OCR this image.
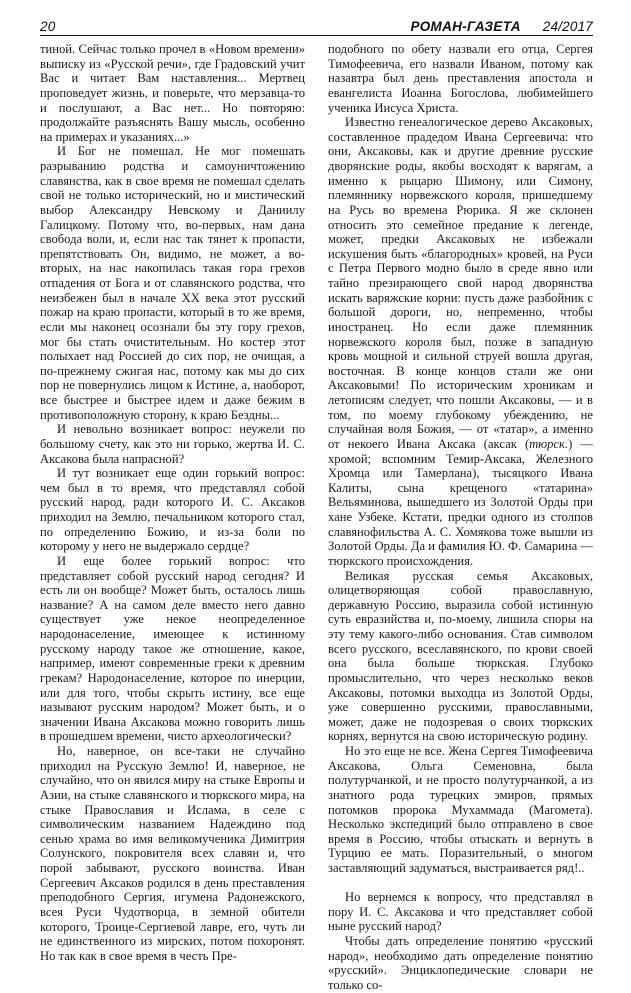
20	РОМАН-ГАЗЕТА 24/2017

тиной. Сейчас только прочел в «Новом времени» выписку из «Русской речи», где Градовский учит Вас и читает Вам наставления... Мертвец проповедует жизнь, и поверьте, что мерзавца-то и послушают, а Вас нет... Но повторяю: продолжайте разъяснять Вашу мысль, особенно на примерах и указаниях...»

И Бог не помешал. Не мог помешать разрыванию родства и самоуничтожению славянства, как в свое время не помешал сделать свой не только исторический, но и мистический выбор Александру Невскому и Даниилу Галицкому. Потому что, во-первых, нам дана свобода воли, и, если нас так тянет к пропасти, препятствовать Он, видимо, не может, а во-вторых, на нас накопилась такая гора грехов отпадения от Бога и от славянского родства, что неизбежен был в начале XX века этот русский пожар на краю пропасти, который в то же время, если мы наконец осознали бы эту гору грехов, мог бы стать очистительным. Но костер этот полыхает над Россией до сих пор, не очищая, а по-прежнему сжигая нас, потому как мы до сих пор не повернулись лицом к Истине, а, наоборот, все быстрее и быстрее идем и даже бежим в противоположную сторону, к краю Бездны...

И невольно возникает вопрос: неужели по большому счету, как это ни горько, жертва И. С. Аксакова была напрасной?

И тут возникает еще один горький вопрос: чем был в то время, что представлял собой русский народ, ради которого И. С. Аксаков приходил на Землю, печальником которого стал, по определению Божию, и из-за боли по которому у него не выдержало сердце?

И еще более горький вопрос: что представляет собой русский народ сегодня? И есть ли он вообще? Может быть, осталось лишь название? А на самом деле вместо него давно существует уже некое неопределенное народонаселение, имеющее к истинному русскому народу такое же отношение, какое, например, имеют современные греки к древним грекам? Народонаселение, которое по инерции, или для того, чтобы скрыть истину, все еще называют русским народом? Может быть, и о значении Ивана Аксакова можно говорить лишь в прошедшем времени, чисто археологически?

Но, наверное, он все-таки не случайно приходил на Русскую Землю! И, наверное, не случайно, что он явился миру на стыке Европы и Азии, на стыке славянского и тюркского мира, на стыке Православия и Ислама, в селе с символическим названием Надеждино под сенью храма во имя великомученика Димитрия Солунского, покровителя всех славян и, что порой забывают, русского воинства. Иван Сергеевич Аксаков родился в день преставления преподобного Сергия, игумена Радонежского, всея Руси Чудотворца, в земной обители которого, Троице-Сергиевой лавре, его, чуть ли не единственного из мирских, потом похоронят. Но так как в свое время в честь Пре-

подобного по обету назвали его отца, Сергея Тимофеевича, его назвали Иваном, потому как назавтра был день преставления апостола и евангелиста Иоанна Богослова, любимейшего ученика Иисуса Христа.

Известно генеалогическое дерево Аксаковых, составленное прадедом Ивана Сергеевича: что они, Аксаковы, как и другие древние русские дворянские роды, якобы восходят к варягам, а именно к рыцарю Шимону, или Симону, племяннику норвежского короля, пришедшему на Русь во времена Рюрика. Я же склонен относить это семейное предание к легенде, может, предки Аксаковых не избежали искушения быть «благородных» кровей, на Руси с Петра Первого модно было в среде явно или тайно презирающего свой народ дворянства искать варяжские корни: пусть даже разбойник с большой дороги, но, непременно, чтобы иностранец. Но если даже племянник норвежского короля был, позже в западную кровь мощной и сильной струей вошла другая, восточная. В конце концов стали же они Аксаковыми! По историческим хроникам и летописям следует, что пошли Аксаковы, — и в том, по моему глубокому убеждению, не случайная воля Божия, — от «татар», а именно от некоего Ивана Аксака (аксак (тюрск.) — хромой; вспомним Темир-Аксака, Железного Хромца или Тамерлана), тысяцкого Ивана Калиты, сына крещеного «татарина» Вельяминова, вышедшего из Золотой Орды при хане Узбеке. Кстати, предки одного из столпов славянофильства А. С. Хомякова тоже вышли из Золотой Орды. Да и фамилия Ю. Ф. Самарина — тюркского происхождения.

Великая русская семья Аксаковых, олицетворяющая собой православную, державную Россию, выразила собой истинную суть евразийства и, по-моему, лишила споры на эту тему какого-либо основания. Став символом всего русского, всеславянского, по крови своей она была больше тюркская. Глубоко промыслительно, что через несколько веков Аксаковы, потомки выходца из Золотой Орды, уже совершенно русскими, православными, может, даже не подозревая о своих тюркских корнях, вернутся на свою историческую родину.

Но это еще не все. Жена Сергея Тимофеевича Аксакова, Ольга Семеновна, была полутурчанкой, и не просто полутурчанкой, а из знатного рода турецких эмиров, прямых потомков пророка Мухаммада (Магомета). Несколько экспедиций было отправлено в свое время в Россию, чтобы отыскать и вернуть в Турцию ее мать. Поразительный, о многом заставляющий задуматься, выстраивается ряд!..

Но вернемся к вопросу, что представлял в пору И. С. Аксакова и что представляет собой ныне русский народ?

Чтобы дать определение понятию «русский народ», необходимо дать определение понятию «русский». Энциклопедические словари не только со-
